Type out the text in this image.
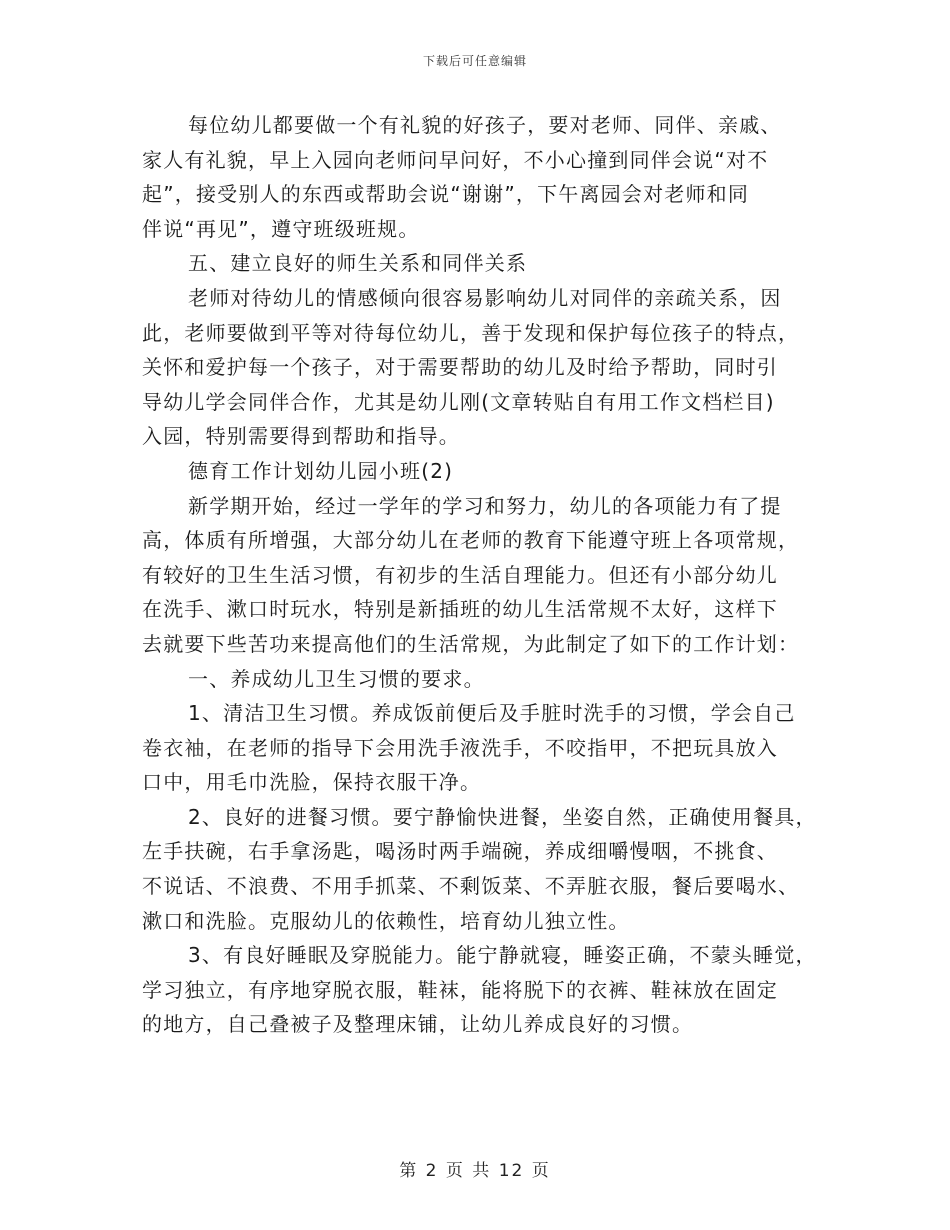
下载后可任意编辑
每位幼儿都要做一个有礼貌的好孩子，要对老师、同伴、亲戚、
家人有礼貌，早上入园向老师问早问好，不小心撞到同伴会说“对不
起”，接受别人的东西或帮助会说“谢谢”，下午离园会对老师和同
伴说“再见”，遵守班级班规。
五、建立良好的师生关系和同伴关系
老师对待幼儿的情感倾向很容易影响幼儿对同伴的亲疏关系，因
此，老师要做到平等对待每位幼儿，善于发现和保护每位孩子的特点，
关怀和爱护每一个孩子，对于需要帮助的幼儿及时给予帮助，同时引
导幼儿学会同伴合作，尤其是幼儿刚(文章转贴自有用工作文档栏目)
入园，特别需要得到帮助和指导。
德育工作计划幼儿园小班(2)
新学期开始，经过一学年的学习和努力，幼儿的各项能力有了提
高，体质有所增强，大部分幼儿在老师的教育下能遵守班上各项常规，
有较好的卫生生活习惯，有初步的生活自理能力。但还有小部分幼儿
在洗手、漱口时玩水，特别是新插班的幼儿生活常规不太好，这样下
去就要下些苦功来提高他们的生活常规，为此制定了如下的工作计划：
一、养成幼儿卫生习惯的要求。
1、清洁卫生习惯。养成饭前便后及手脏时洗手的习惯，学会自己
卷衣袖，在老师的指导下会用洗手液洗手，不咬指甲，不把玩具放入
口中，用毛巾洗脸，保持衣服干净。
2、良好的进餐习惯。要宁静愉快进餐，坐姿自然，正确使用餐具，
左手扶碗，右手拿汤匙，喝汤时两手端碗，养成细嚼慢咽，不挑食、
不说话、不浪费、不用手抓菜、不剩饭菜、不弄脏衣服，餐后要喝水、
漱口和洗脸。克服幼儿的依赖性，培育幼儿独立性。
3、有良好睡眠及穿脱能力。能宁静就寝，睡姿正确，不蒙头睡觉，
学习独立，有序地穿脱衣服，鞋袜，能将脱下的衣裤、鞋袜放在固定
的地方，自己叠被子及整理床铺，让幼儿养成良好的习惯。
第 2 页 共 12 页
